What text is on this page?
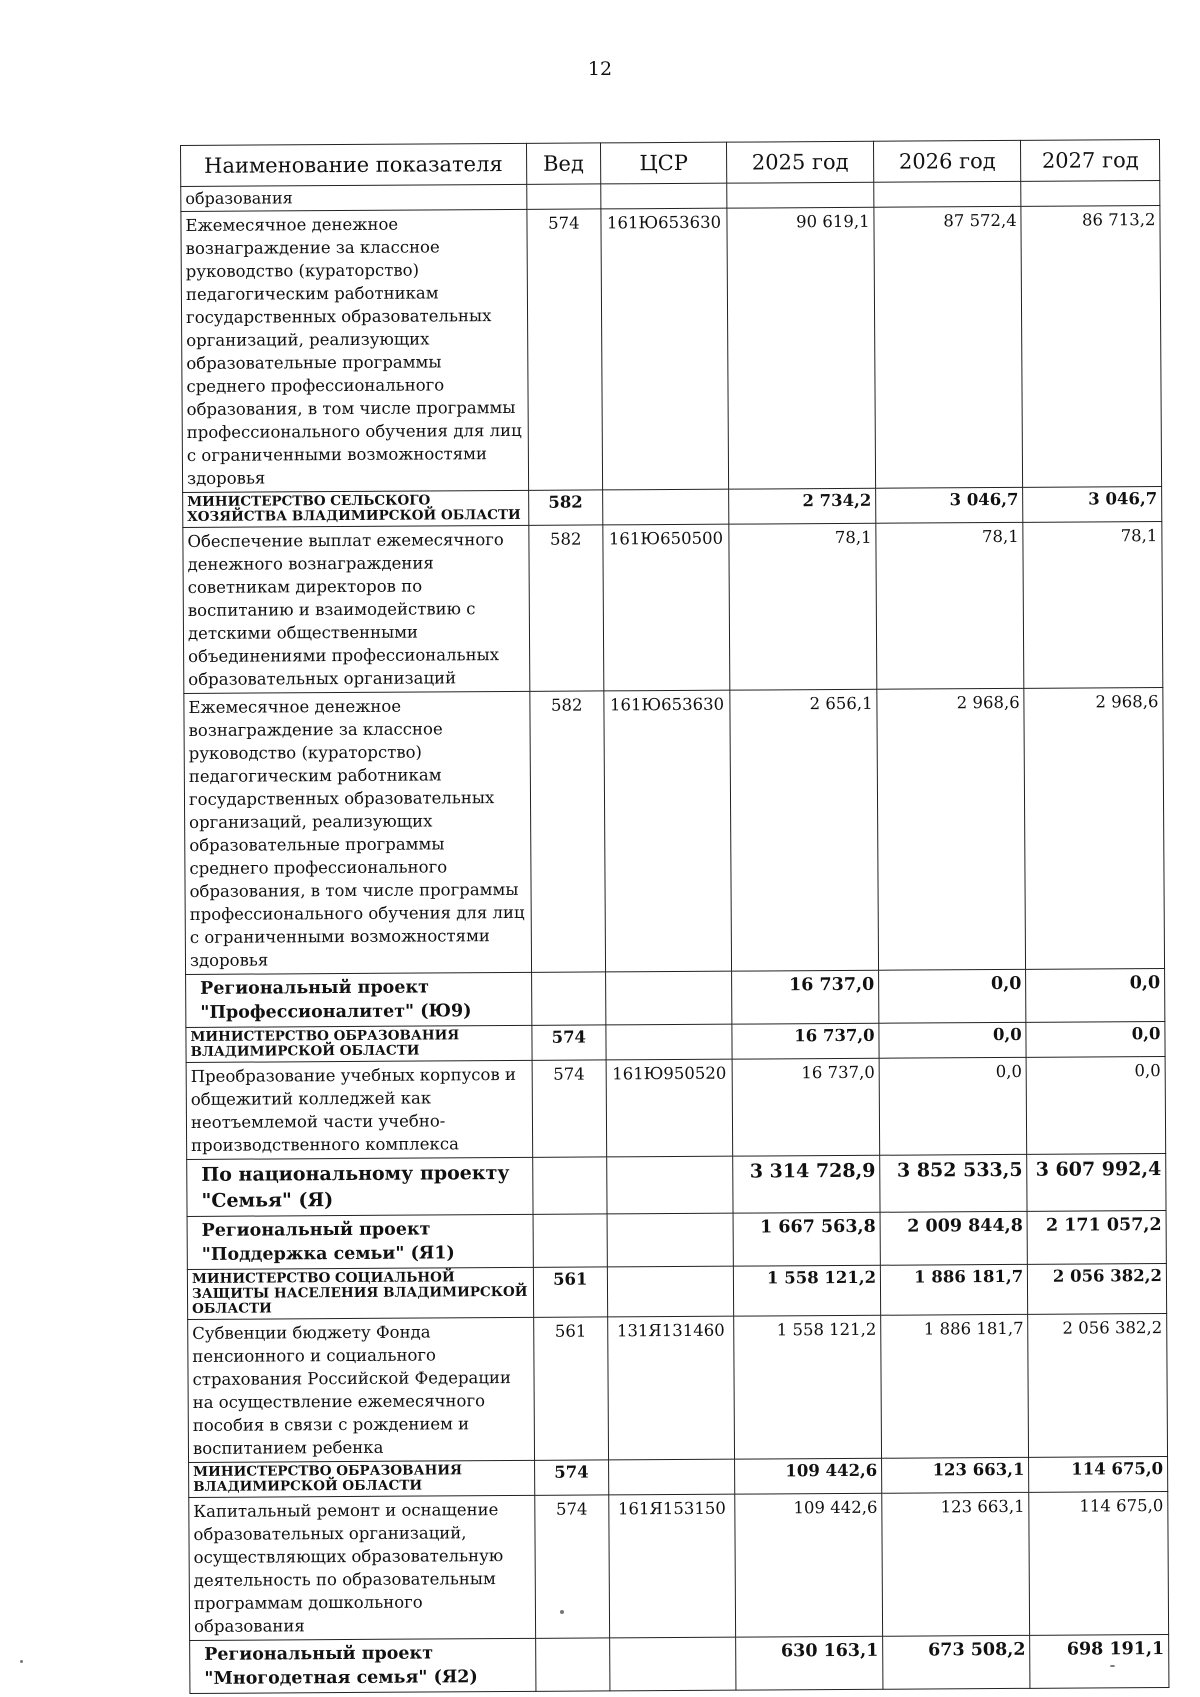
12
Наименование показателя	Вед	ЦСР	2025 год	2026 год	2027 год
образования					
Ежемесячное денежное вознаграждение за классное руководство (кураторство) педагогическим работникам государственных образовательных организаций, реализующих образовательные программы среднего профессионального образования, в том числе программы профессионального обучения для лиц с ограниченными возможностями здоровья	574	161Ю653630	90 619,1	87 572,4	86 713,2
МИНИСТЕРСТВО СЕЛЬСКОГО ХОЗЯЙСТВА ВЛАДИМИРСКОЙ ОБЛАСТИ	582		2 734,2	3 046,7	3 046,7
Обеспечение выплат ежемесячного денежного вознаграждения советникам директоров по воспитанию и взаимодействию с детскими общественными объединениями профессиональных образовательных организаций	582	161Ю650500	78,1	78,1	78,1
Ежемесячное денежное вознаграждение за классное руководство (кураторство) педагогическим работникам государственных образовательных организаций, реализующих образовательные программы среднего профессионального образования, в том числе программы профессионального обучения для лиц с ограниченными возможностями здоровья	582	161Ю653630	2 656,1	2 968,6	2 968,6
Региональный проект "Профессионалитет" (Ю9)			16 737,0	0,0	0,0
МИНИСТЕРСТВО ОБРАЗОВАНИЯ ВЛАДИМИРСКОЙ ОБЛАСТИ	574		16 737,0	0,0	0,0
Преобразование учебных корпусов и общежитий колледжей как неотъемлемой части учебно-производственного комплекса	574	161Ю950520	16 737,0	0,0	0,0
По национальному проекту "Семья" (Я)			3 314 728,9	3 852 533,5	3 607 992,4
Региональный проект "Поддержка семьи" (Я1)			1 667 563,8	2 009 844,8	2 171 057,2
МИНИСТЕРСТВО СОЦИАЛЬНОЙ ЗАЩИТЫ НАСЕЛЕНИЯ ВЛАДИМИРСКОЙ ОБЛАСТИ	561		1 558 121,2	1 886 181,7	2 056 382,2
Субвенции бюджету Фонда пенсионного и социального страхования Российской Федерации на осуществление ежемесячного пособия в связи с рождением и воспитанием ребенка	561	131Я131460	1 558 121,2	1 886 181,7	2 056 382,2
МИНИСТЕРСТВО ОБРАЗОВАНИЯ ВЛАДИМИРСКОЙ ОБЛАСТИ	574		109 442,6	123 663,1	114 675,0
Капитальный ремонт и оснащение образовательных организаций, осуществляющих образовательную деятельность по образовательным программам дошкольного образования	574	161Я153150	109 442,6	123 663,1	114 675,0
Региональный проект "Многодетная семья" (Я2)			630 163,1	673 508,2	698 191,1
